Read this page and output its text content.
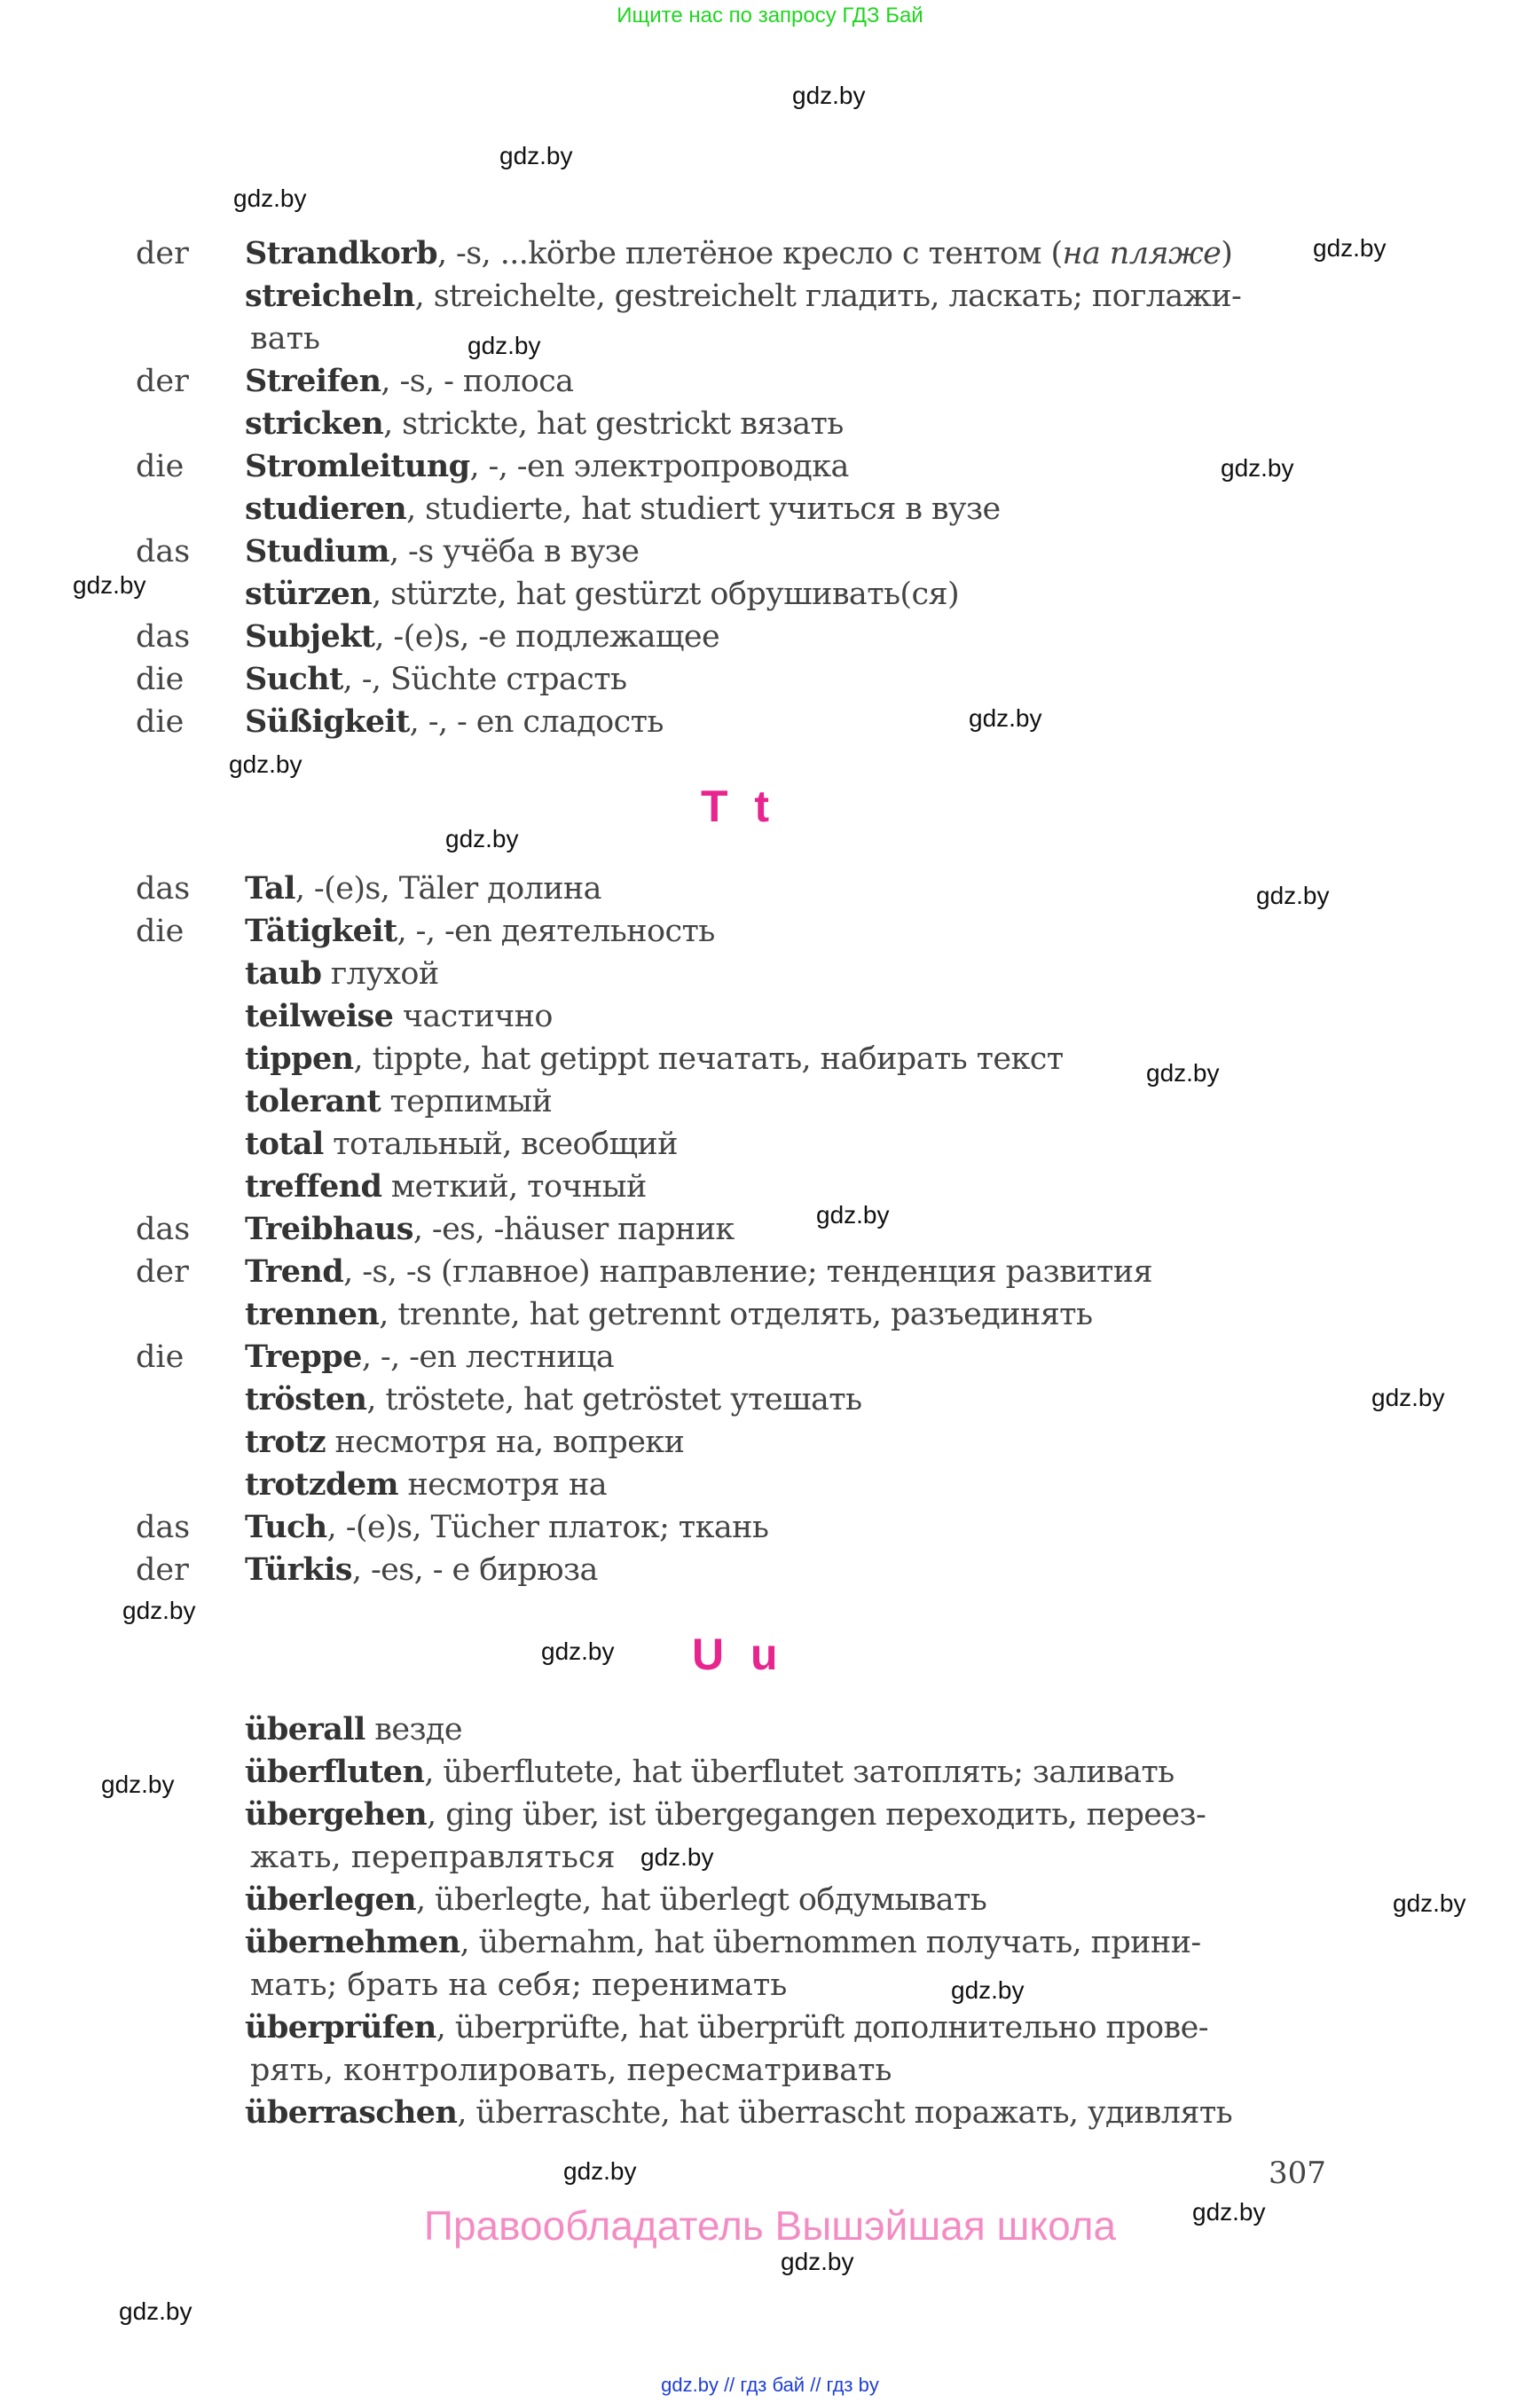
Ищите нас по запросу ГДЗ Бай
gdz.by
gdz.by
gdz.by
gdz.by
gdz.by
gdz.by
gdz.by
gdz.by
gdz.by
gdz.by
gdz.by
gdz.by
gdz.by
gdz.by
gdz.by
gdz.by
gdz.by
gdz.by
gdz.by
gdz.by
gdz.by
gdz.by
gdz.by
gdz.by
der	Strandkorb, -s, ...körbe плетёное кресло с тентом (на пляже)
streicheln, streichelte, gestreichelt гладить, ласкать; поглажи-
вать
der	Streifen, -s, - полоса
stricken, strickte, hat gestrickt вязать
die	Stromleitung, -, -en электропроводка
studieren, studierte, hat studiert учиться в вузе
das	Studium, -s учёба в вузе
stürzen, stürzte, hat gestürzt обрушивать(ся)
das	Subjekt, -(e)s, -e подлежащее
die	Sucht, -, Süchte страсть
die	Süßigkeit, -, - en сладость
T t
das	Tal, -(e)s, Täler долина
die	Tätigkeit, -, -en деятельность
taub глухой
teilweise частично
tippen, tippte, hat getippt печатать, набирать текст
tolerant терпимый
total тотальный, всеобщий
treffend меткий, точный
das	Treibhaus, -es, -häuser парник
der	Trend, -s, -s (главное) направление; тенденция развития
trennen, trennte, hat getrennt отделять, разъединять
die	Treppe, -, -en лестница
trösten, tröstete, hat getröstet утешать
trotz несмотря на, вопреки
trotzdem несмотря на
das	Tuch, -(e)s, Tücher платок; ткань
der	Türkis, -es, - e бирюза
U u
überall везде
überfluten, überflutete, hat überflutet затоплять; заливать
übergehen, ging über, ist übergegangen переходить, переез-
жать, переправляться
überlegen, überlegte, hat überlegt обдумывать
übernehmen, übernahm, hat übernommen получать, прини-
мать; брать на себя; перенимать
überprüfen, überprüfte, hat überprüft дополнительно прове-
рять, контролировать, пересматривать
überraschen, überraschte, hat überrascht поражать, удивлять
307
Правообладатель Вышэйшая школа
gdz.by // гдз бай // гдз by
